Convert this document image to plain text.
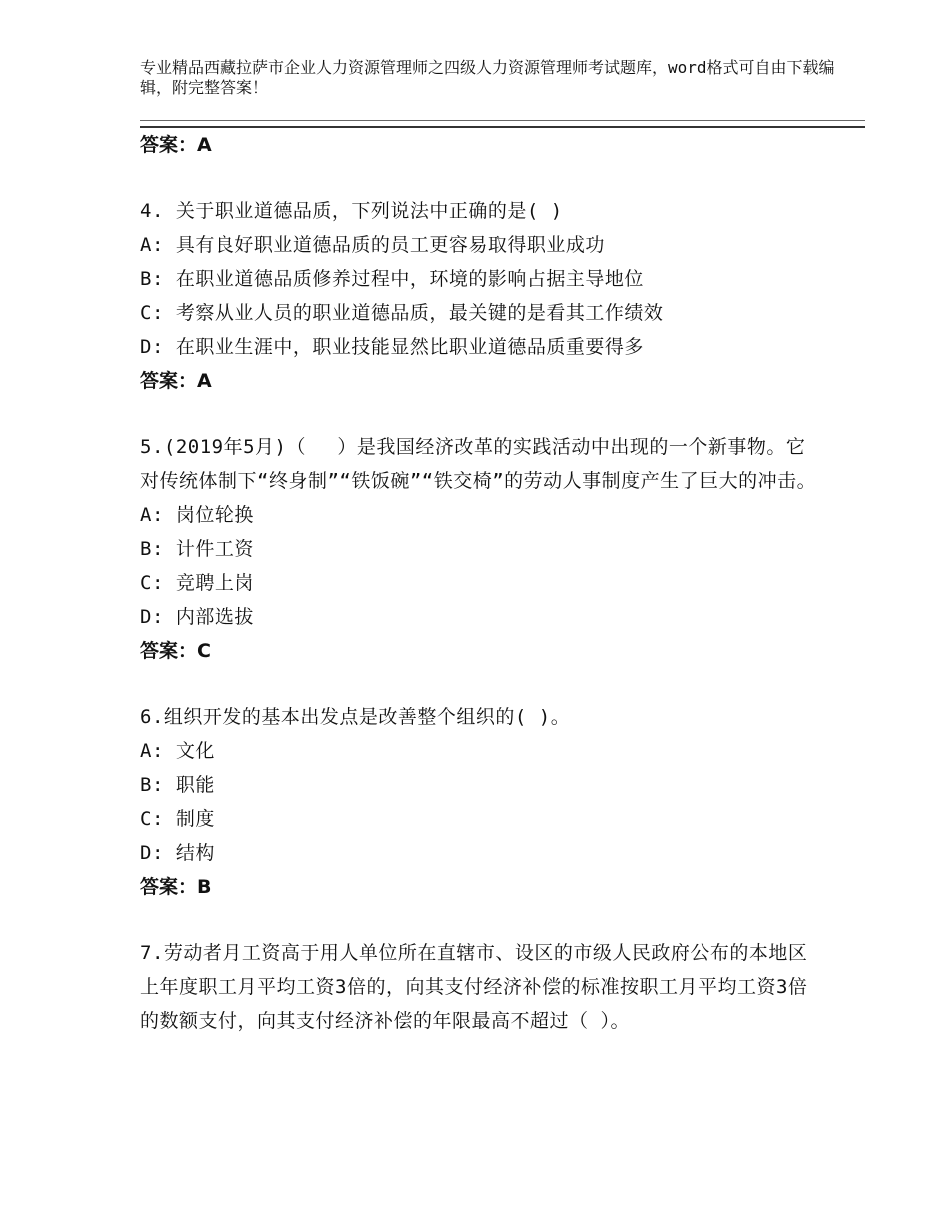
专业精品西藏拉萨市企业人力资源管理师之四级人力资源管理师考试题库，word格式可自由下载编辑，附完整答案！
答案：A
4. 关于职业道德品质，下列说法中正确的是( )
A: 具有良好职业道德品质的员工更容易取得职业成功
B: 在职业道德品质修养过程中，环境的影响占据主导地位
C: 考察从业人员的职业道德品质，最关键的是看其工作绩效
D: 在职业生涯中，职业技能显然比职业道德品质重要得多
答案：A
5.(2019年5月)（　 ）是我国经济改革的实践活动中出现的一个新事物。它对传统体制下“终身制”“铁饭碗”“铁交椅”的劳动人事制度产生了巨大的冲击。
A: 岗位轮换
B: 计件工资
C: 竞聘上岗
D: 内部选拔
答案：C
6.组织开发的基本出发点是改善整个组织的( )。
A: 文化
B: 职能
C: 制度
D: 结构
答案：B
7.劳动者月工资高于用人单位所在直辖市、设区的市级人民政府公布的本地区上年度职工月平均工资3倍的，向其支付经济补偿的标准按职工月平均工资3倍的数额支付，向其支付经济补偿的年限最高不超过（ ）。
